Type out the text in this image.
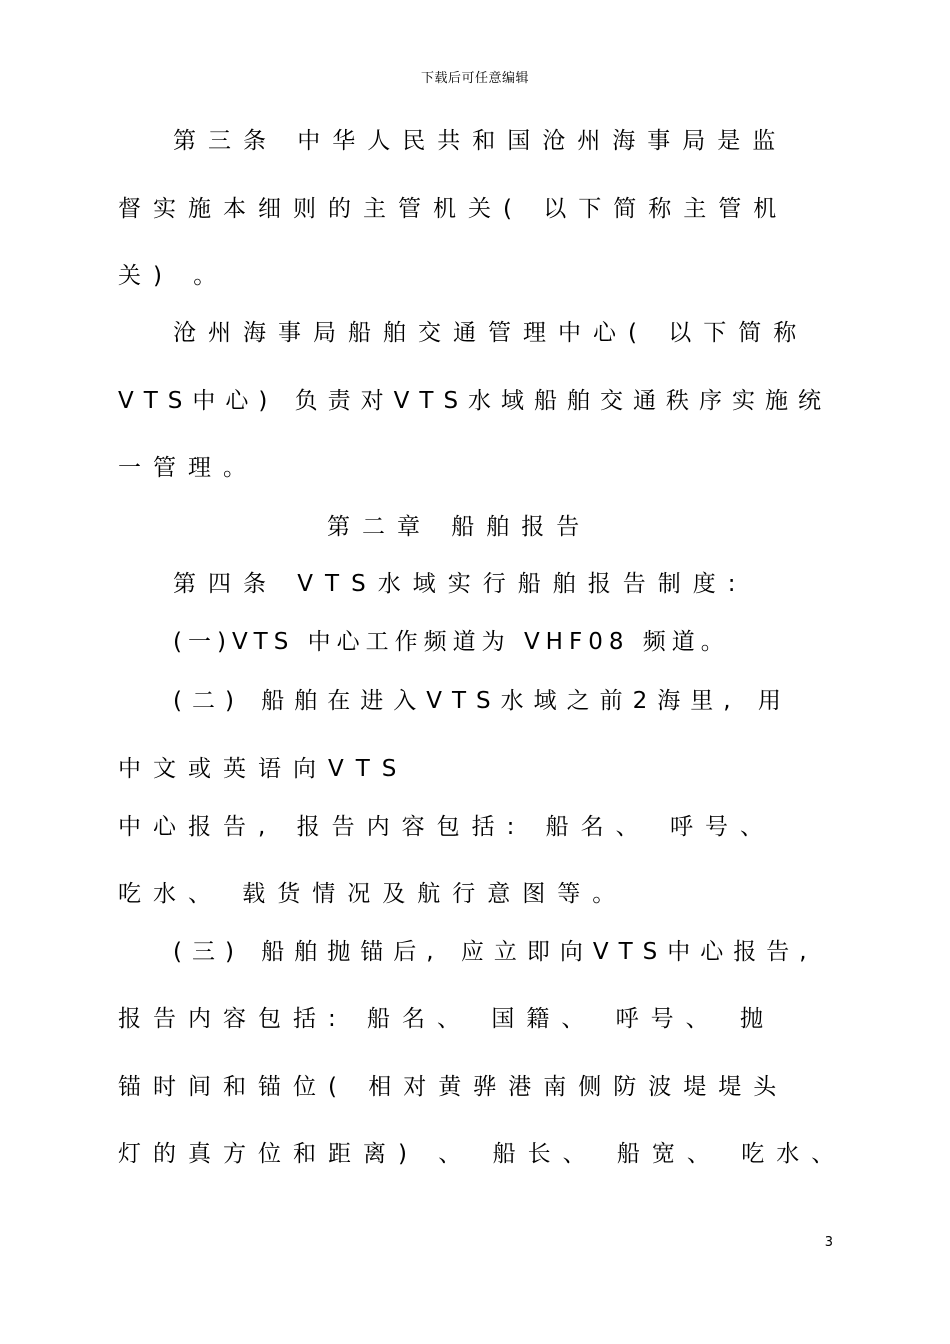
下载后可任意编辑
第三条 中华人民共和国沧州海事局是监
督实施本细则的主管机关( 以下简称主管机
关) 。
沧州海事局船舶交通管理中心( 以下简称
VTS中心) 负责对VTS水域船舶交通秩序实施统
一管理。
第二章 船舶报告
第四条 VTS水域实行船舶报告制度:
(一)VTS 中心工作频道为 VHF08 频道。
(二) 船舶在进入VTS水域之前2海里, 用
中文或英语向VTS
中心报告, 报告内容包括: 船名、 呼号、
吃水、 载货情况及航行意图等。
(三) 船舶抛锚后, 应立即向VTS中心报告,
报告内容包括: 船名、 国籍、 呼号、 抛
锚时间和锚位( 相对黄骅港南侧防波堤堤头
灯的真方位和距离) 、 船长、 船宽、 吃水、
3
